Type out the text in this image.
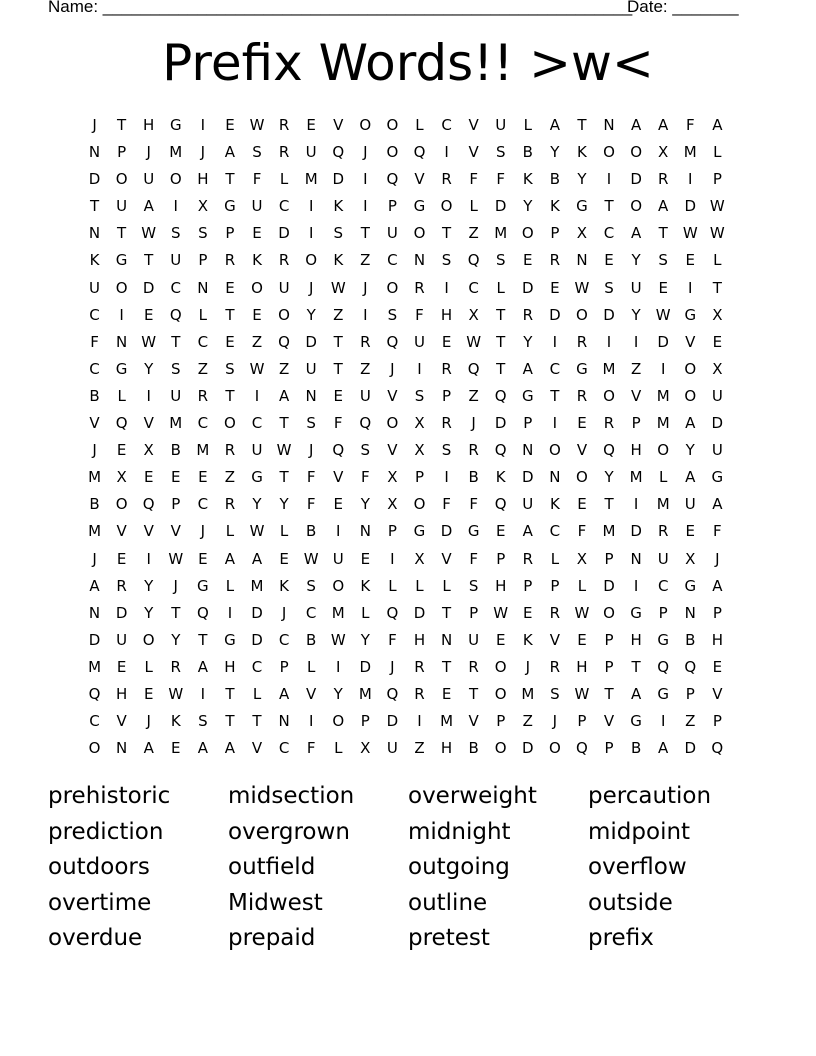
Name: ________________________________________________________
Date: _______
Prefix Words!! >w<
J	T	H	G	I	E W R	E	V	O	O	L	C	V	U	L	A	T	N	A	A	F	A
N	P	J	M	J	A	S	R	U	Q	J	O	Q	I	V	S	B	Y	K	O	O	X	M	L
D	O	U	O	H	T	F	L	M D	I	Q	V	R	F	F	K	B	Y	I	D	R	I	P
T	U	A	I	X	G	U	C	I	K	I	P	G	O	L	D	Y	K	G	T	O	A	D W
N	T	W S	S	P	E	D	I	S	T	U	O	T	Z	M O	P	X	C	A	T	W W
K	G	T	U	P	R	K	R	O	K	Z	C	N	S	Q	S	E	R	N	E	Y	S	E	L
U	O	D	C	N	E	O	U	J	W	J	O	R	I	C	L	D	E W S	U	E	I	T
C	I	E	Q	L	T	E	O	Y	Z	I	S	F	H	X	T	R	D	O	D	Y	W G	X
F	N W	T	C	E	Z	Q	D	T	R	Q	U	E W	T	Y	I	R	I	I	D	V	E
C	G	Y	S	Z	S W Z	U	T	Z	J	I	R	Q	T	A	C	G M	Z	I	O	X
B	L	I	U	R	T	I	A	N	E	U	V	S	P	Z	Q	G	T	R	O	V	M O	U
V	Q	V	M	C	O	C	T	S	F	Q	O	X	R	J	D	P	I	E	R	P	M	A	D
J	E	X	B	M	R	U W	J	Q	S	V	X	S	R	Q	N	O	V	Q	H	O	Y	U
M	X	E	E	E	Z	G	T	F	V	F	X	P	I	B	K	D	N	O	Y	M	L	A	G
B	O	Q	P	C	R	Y	Y	F	E	Y	X	O	F	F	Q	U	K	E	T	I	M	U	A
M	V	V	V	J	L	W	L	B	I	N	P	G	D	G	E	A	C	F	M D	R	E	F
J	E	I	W E	A	A	E W U	E	I	X	V	F	P	R	L	X	P	N	U	X	J
A	R	Y	J	G	L	M	K	S	O	K	L	L	L	S	H	P	P	L	D	I	C	G	A
N	D	Y	T	Q	I	D	J	C	M	L	Q	D	T	P	W E	R W O	G	P	N	P
D	U	O	Y	T	G	D	C	B W	Y	F	H	N	U	E	K	V	E	P	H	G	B	H
M	E	L	R	A	H	C	P	L	I	D	J	R	T	R	O	J	R	H	P	T	Q	Q	E
Q	H	E W	I	T	L	A	V	Y	M Q	R	E	T	O M	S W	T	A	G	P	V
C	V	J	K	S	T	T	N	I	O	P	D	I	M	V	P	Z	J	P	V	G	I	Z	P
O	N	A	E	A	A	V	C	F	L	X	U	Z	H	B	O	D	O	Q	P	B	A	D	Q
prehistoric	midsection	overweight	percaution
prediction	overgrown	midnight	midpoint
outdoors	outfield	outgoing	overflow
overtime	Midwest	outline	outside
overdue	prepaid	pretest	prefix
